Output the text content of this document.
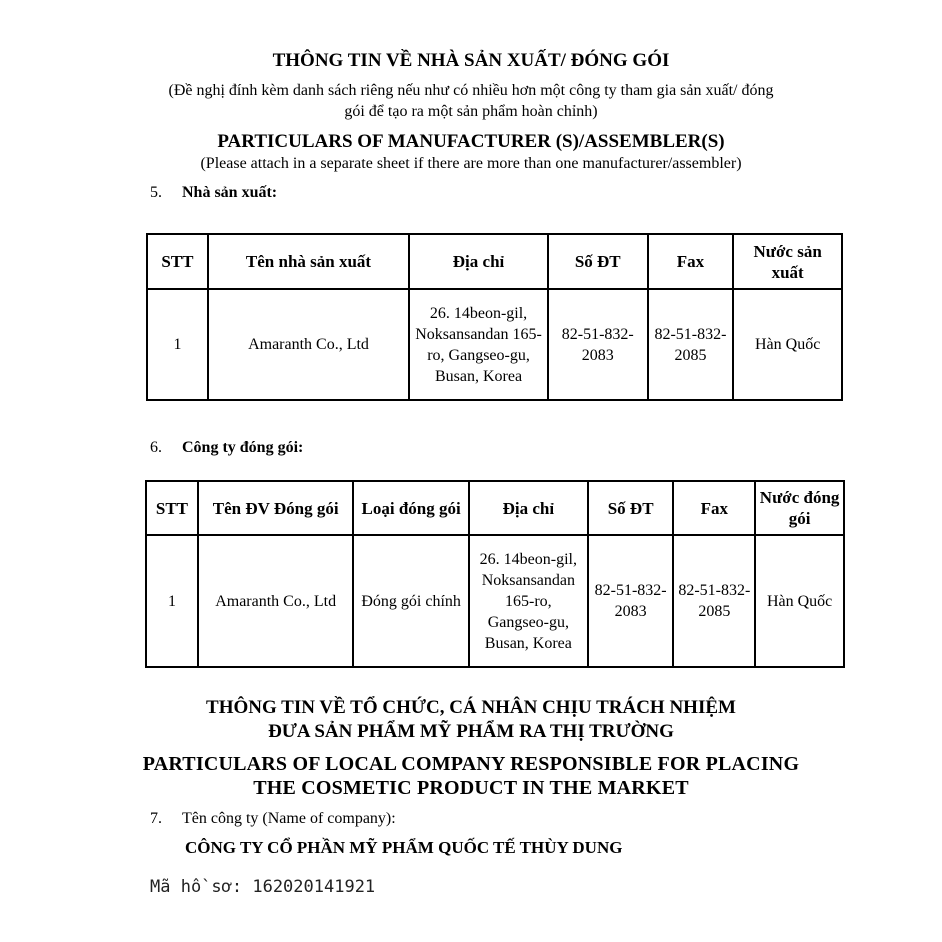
THÔNG TIN VỀ NHÀ SẢN XUẤT/ ĐÓNG GÓI
(Đề nghị đính kèm danh sách riêng nếu như có nhiều hơn một công ty tham gia sản xuất/ đóng
gói để tạo ra một sản phẩm hoàn chỉnh)
PARTICULARS OF MANUFACTURER (S)/ASSEMBLER(S)
(Please attach in a separate sheet if there are more than one manufacturer/assembler)
5. Nhà sản xuất:
STT	Tên nhà sản xuất	Địa chỉ	Số ĐT	Fax	Nước sản xuất
1	Amaranth Co., Ltd	26. 14beon-gil, Noksansandan 165-ro, Gangseo-gu, Busan, Korea	82-51-832-2083	82-51-832-2085	Hàn Quốc
6. Công ty đóng gói:
STT	Tên ĐV Đóng gói	Loại đóng gói	Địa chỉ	Số ĐT	Fax	Nước đóng gói
1	Amaranth Co., Ltd	Đóng gói chính	26. 14beon-gil, Noksansandan 165-ro, Gangseo-gu, Busan, Korea	82-51-832-2083	82-51-832-2085	Hàn Quốc
THÔNG TIN VỀ TỔ CHỨC, CÁ NHÂN CHỊU TRÁCH NHIỆM
ĐƯA SẢN PHẨM MỸ PHẨM RA THỊ TRƯỜNG
PARTICULARS OF LOCAL COMPANY RESPONSIBLE FOR PLACING
THE COSMETIC PRODUCT IN THE MARKET
7. Tên công ty (Name of company):
CÔNG TY CỔ PHẦN MỸ PHẨM QUỐC TẾ THÙY DUNG
Mã hồ sơ: 162020141921
